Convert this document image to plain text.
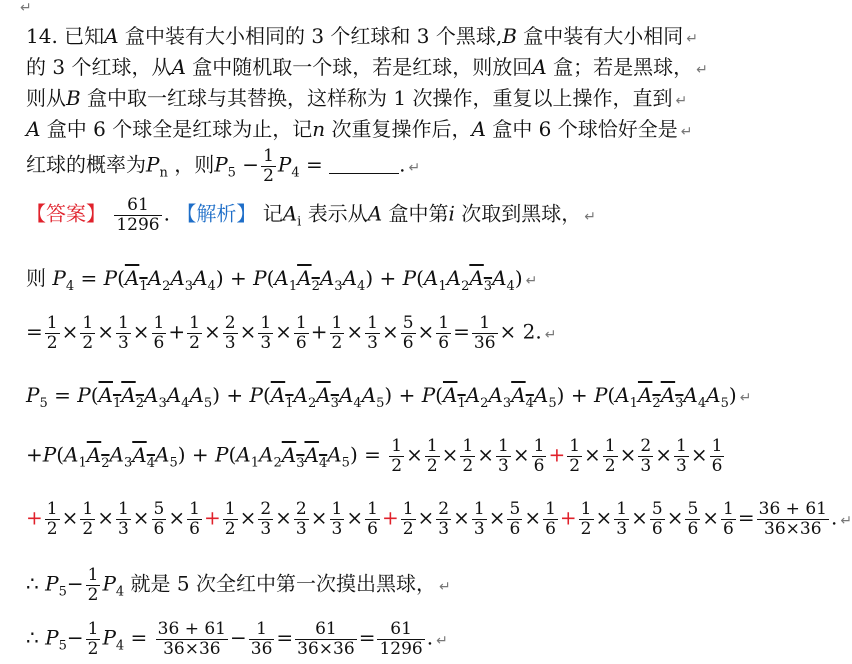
↵
14. 已知A 盒中装有大小相同的 3 个红球和 3 个黑球,B 盒中装有大小相同 ↵
的 3 个红球，从A 盒中随机取一个球，若是红球，则放回A 盒；若是黑球， ↵
则从B 盒中取一红球与其替换，这样称为 1 次操作，重复以上操作，直到 ↵
A 盒中 6 个球全是红球为止，记n 次重复操作后，A 盒中 6 个球恰好全是 ↵
红球的概率为$P_n$ ，则$P_5 - \frac{1}{2} P_4$ =	. ↵
【答案】 $\frac{61}{1296}$ . 【解析】 记$A_i$ 表示从A 盒中第i 次取到黑球， ↵
则 $P_4 = P(A_1A_2A_3A_4) + P(A_1A_2A_3A_4) + P(A_1A_2A_3A_4)$ ↵
= $\frac{1}{2} \times \frac{1}{2} \times \frac{1}{3} \times \frac{1}{6} + \frac{1}{2} \times \frac{2}{3} \times \frac{1}{3} \times \frac{1}{6} + \frac{1}{2} \times \frac{1}{3} \times \frac{5}{6} \times \frac{1}{6} = \frac{1}{36} \times 2$. ↵
$P_5 = P(A_1A_2A_3A_4A_5) + P(A_1A_2A_3A_4A_5) + P(A_1A_2A_3A_4A_5) + P(A_1A_2A_3A_4A_5)$ ↵
$+P(A_1A_2A_3A_4A_5) + P(A_1A_2A_3A_4A_5) = \frac{1}{2} \times \frac{1}{2} \times \frac{1}{2} \times \frac{1}{3} \times \frac{1}{6} + \frac{1}{2} \times \frac{1}{2} \times \frac{2}{3} \times \frac{1}{3} \times \frac{1}{6}$
+ $\frac{1}{2} \times \frac{1}{2} \times \frac{1}{3} \times \frac{5}{6} \times \frac{1}{6} + \frac{1}{2} \times \frac{2}{3} \times \frac{2}{3} \times \frac{1}{3} \times \frac{1}{6} + \frac{1}{2} \times \frac{2}{3} \times \frac{1}{3} \times \frac{5}{6} \times \frac{1}{6} + \frac{1}{2} \times \frac{1}{3} \times \frac{5}{6} \times \frac{5}{6} \times \frac{1}{6} = \frac{36 + 61}{36\times 36}$ . ↵
∴ $P_5- \frac{1}{2} P_4$ 就是 5 次全红中第一次摸出黑球， ↵
∴ $P_5- \frac{1}{2} P_4 = \frac{36 + 61}{36\times 36} - \frac{1}{36} = \frac{61}{36\times 36} = \frac{61}{1296}$ . ↵
